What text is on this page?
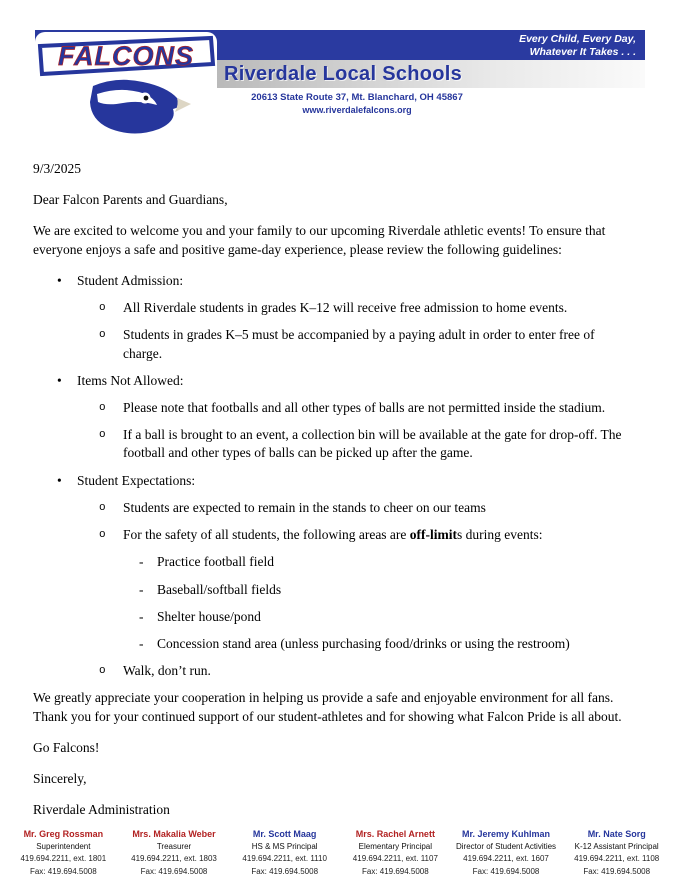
Every Child, Every Day,
Whatever It Takes . . .
FALCONS
Riverdale Local Schools
20613 State Route 37, Mt. Blanchard, OH 45867
www.riverdalefalcons.org

9/3/2025

Dear Falcon Parents and Guardians,

We are excited to welcome you and your family to our upcoming Riverdale athletic events! To ensure that everyone enjoys a safe and positive game-day experience, please review the following guidelines:

• Student Admission:
o All Riverdale students in grades K–12 will receive free admission to home events.
o Students in grades K–5 must be accompanied by a paying adult in order to enter free of charge.
• Items Not Allowed:
o Please note that footballs and all other types of balls are not permitted inside the stadium.
o If a ball is brought to an event, a collection bin will be available at the gate for drop-off. The football and other types of balls can be picked up after the game.
• Student Expectations:
o Students are expected to remain in the stands to cheer on our teams
o For the safety of all students, the following areas are off-limits during events:
- Practice football field
- Baseball/softball fields
- Shelter house/pond
- Concession stand area (unless purchasing food/drinks or using the restroom)
o Walk, don’t run.

We greatly appreciate your cooperation in helping us provide a safe and enjoyable environment for all fans. Thank you for your continued support of our student-athletes and for showing what Falcon Pride is all about.

Go Falcons!

Sincerely,

Riverdale Administration

Mr. Greg Rossman
Superintendent
419.694.2211, ext. 1801
Fax: 419.694.5008
Mrs. Makalia Weber
Treasurer
419.694.2211, ext. 1803
Fax: 419.694.5008
Mr. Scott Maag
HS & MS Principal
419.694.2211, ext. 1110
Fax: 419.694.5008
Mrs. Rachel Arnett
Elementary Principal
419.694.2211, ext. 1107
Fax: 419.694.5008
Mr. Jeremy Kuhlman
Director of Student Activities
419.694.2211, ext. 1607
Fax: 419.694.5008
Mr. Nate Sorg
K-12 Assistant Principal
419.694.2211, ext. 1108
Fax: 419.694.5008
